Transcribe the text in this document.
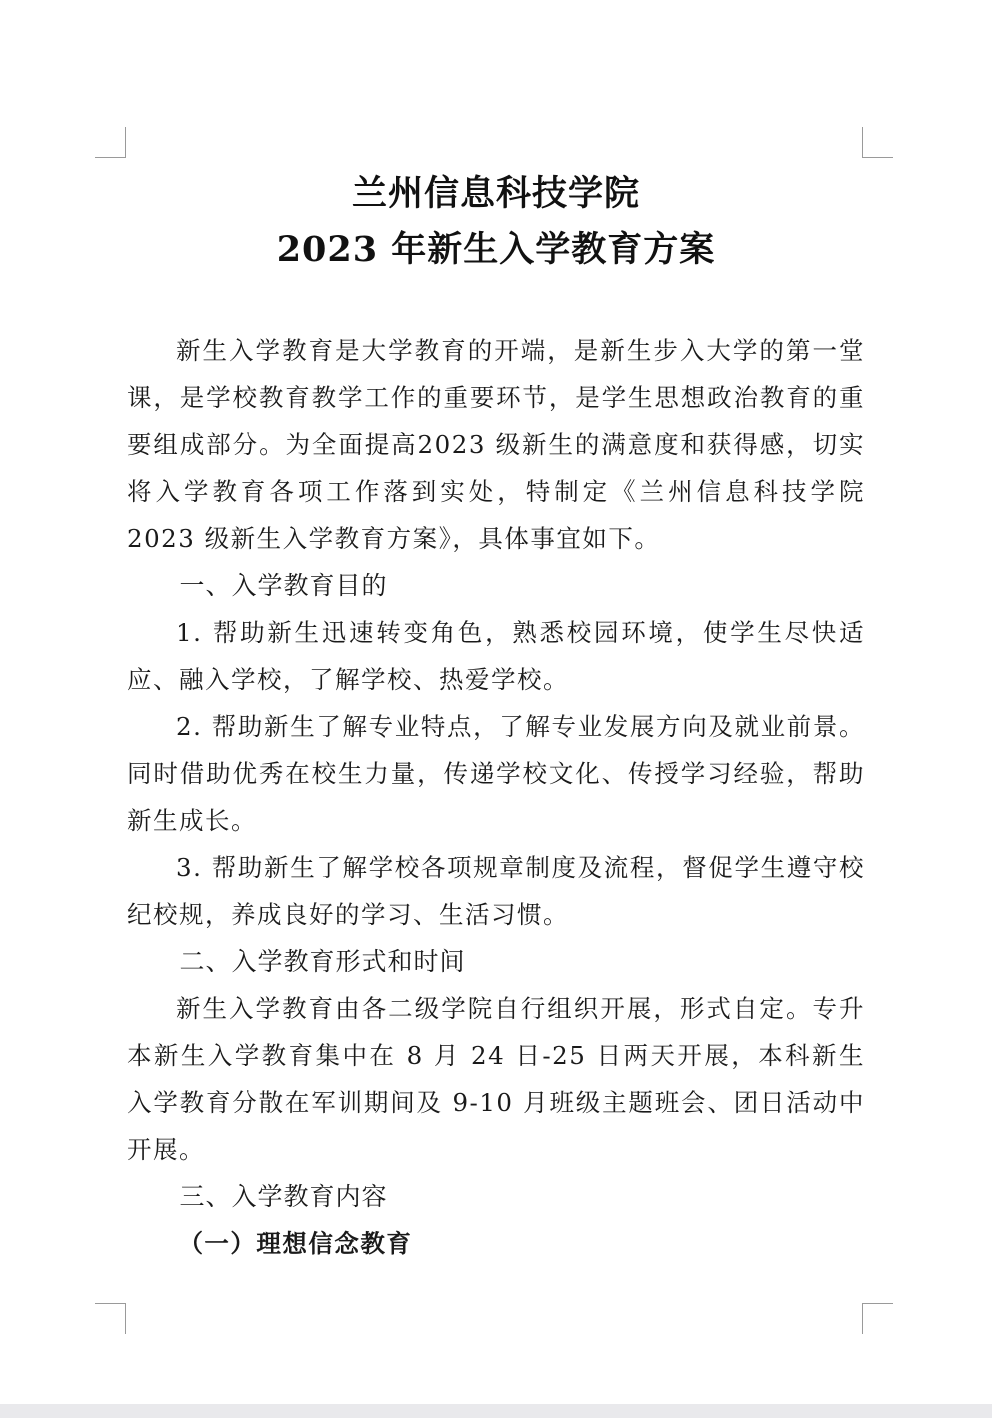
兰州信息科技学院
2023 年新生入学教育方案

新生入学教育是大学教育的开端，是新生步入大学的第一堂课，是学校教育教学工作的重要环节，是学生思想政治教育的重要组成部分。为全面提高2023 级新生的满意度和获得感，切实将入学教育各项工作落到实处，特制定《兰州信息科技学院 2023 级新生入学教育方案》，具体事宜如下。

一、入学教育目的

1. 帮助新生迅速转变角色，熟悉校园环境，使学生尽快适应、融入学校，了解学校、热爱学校。

2. 帮助新生了解专业特点，了解专业发展方向及就业前景。同时借助优秀在校生力量，传递学校文化、传授学习经验，帮助新生成长。

3. 帮助新生了解学校各项规章制度及流程，督促学生遵守校纪校规，养成良好的学习、生活习惯。

二、入学教育形式和时间

新生入学教育由各二级学院自行组织开展，形式自定。专升本新生入学教育集中在 8 月 24 日-25 日两天开展，本科新生入学教育分散在军训期间及 9-10 月班级主题班会、团日活动中开展。

三、入学教育内容

（一）理想信念教育
